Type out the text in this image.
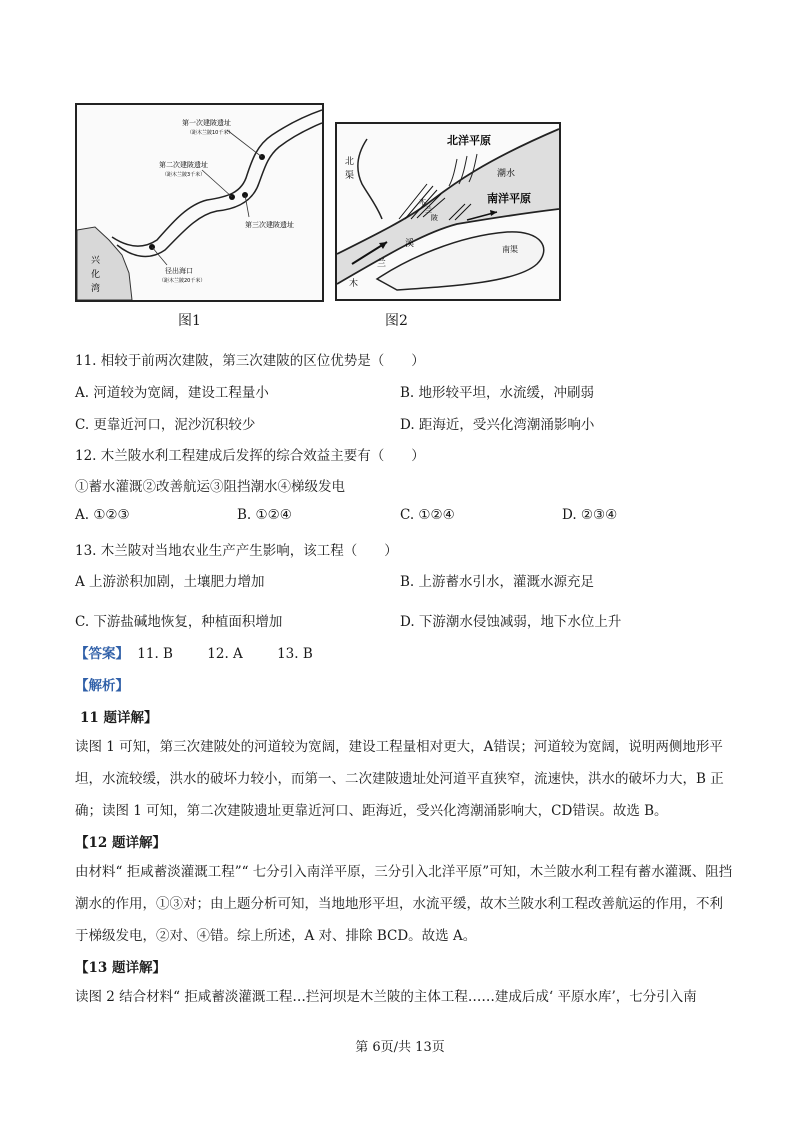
第一次建陂遗址
（距木兰陂10千米）
第二次建陂遗址
（距木兰陂3千米）
第三次建陂遗址
径出海口
（距木兰陂20千米）
兴
化
湾
图1
北洋平原
南洋平原
北
渠	潮水
南渠
木
兰
溪
木
兰
陂
图2
11. 相较于前两次建陂，第三次建陂的区位优势是（　　）
A. 河道较为宽阔，建设工程量小	B. 地形较平坦，水流缓，冲刷弱
C. 更靠近河口，泥沙沉积较少	D. 距海近，受兴化湾潮涌影响小
12. 木兰陂水利工程建成后发挥的综合效益主要有（　　）
①蓄水灌溉②改善航运③阻挡潮水④梯级发电
A. ①②③	B. ①②④	C. ①②④	D. ②③④
13. 木兰陂对当地农业生产产生影响，该工程（　　）
A 上游淤积加剧，土壤肥力增加	B. 上游蓄水引水，灌溉水源充足
C. 下游盐碱地恢复，种植面积增加	D. 下游潮水侵蚀减弱，地下水位上升
【答案】 11. B	12. A	13. B
【解析】
11 题详解】
读图 1 可知，第三次建陂处的河道较为宽阔，建设工程量相对更大，A错误；河道较为宽阔，说明两侧地形平坦，水流较缓，洪水的破坏力较小，而第一、二次建陂遗址处河道平直狭窄，流速快，洪水的破坏力大，B 正确；读图 1 可知，第二次建陂遗址更靠近河口、距海近，受兴化湾潮涌影响大，CD错误。故选 B。
【12 题详解】
由材料“ 拒咸蓄淡灌溉工程”“ 七分引入南洋平原，三分引入北洋平原”可知，木兰陂水利工程有蓄水灌溉、阻挡潮水的作用，①③对；由上题分析可知，当地地形平坦，水流平缓，故木兰陂水利工程改善航运的作用，不利于梯级发电，②对、④错。综上所述，A 对、排除 BCD。故选 A。
【13 题详解】
读图 2 结合材料“ 拒咸蓄淡灌溉工程…拦河坝是木兰陂的主体工程……建成后成‘ 平原水库’，七分引入南
第 6页/共 13页
